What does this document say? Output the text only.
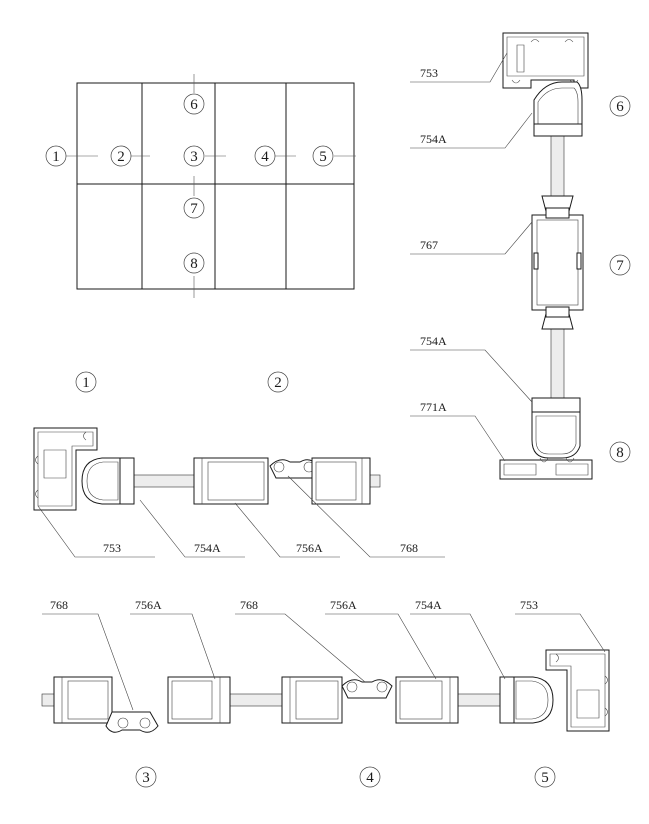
1	2	3	4	5
6
7
8
753
754A
767
754A
771A
6
7
8
1	2
753	754A	756A	768
768	756A	768	756A	754A	753
3	4	5
